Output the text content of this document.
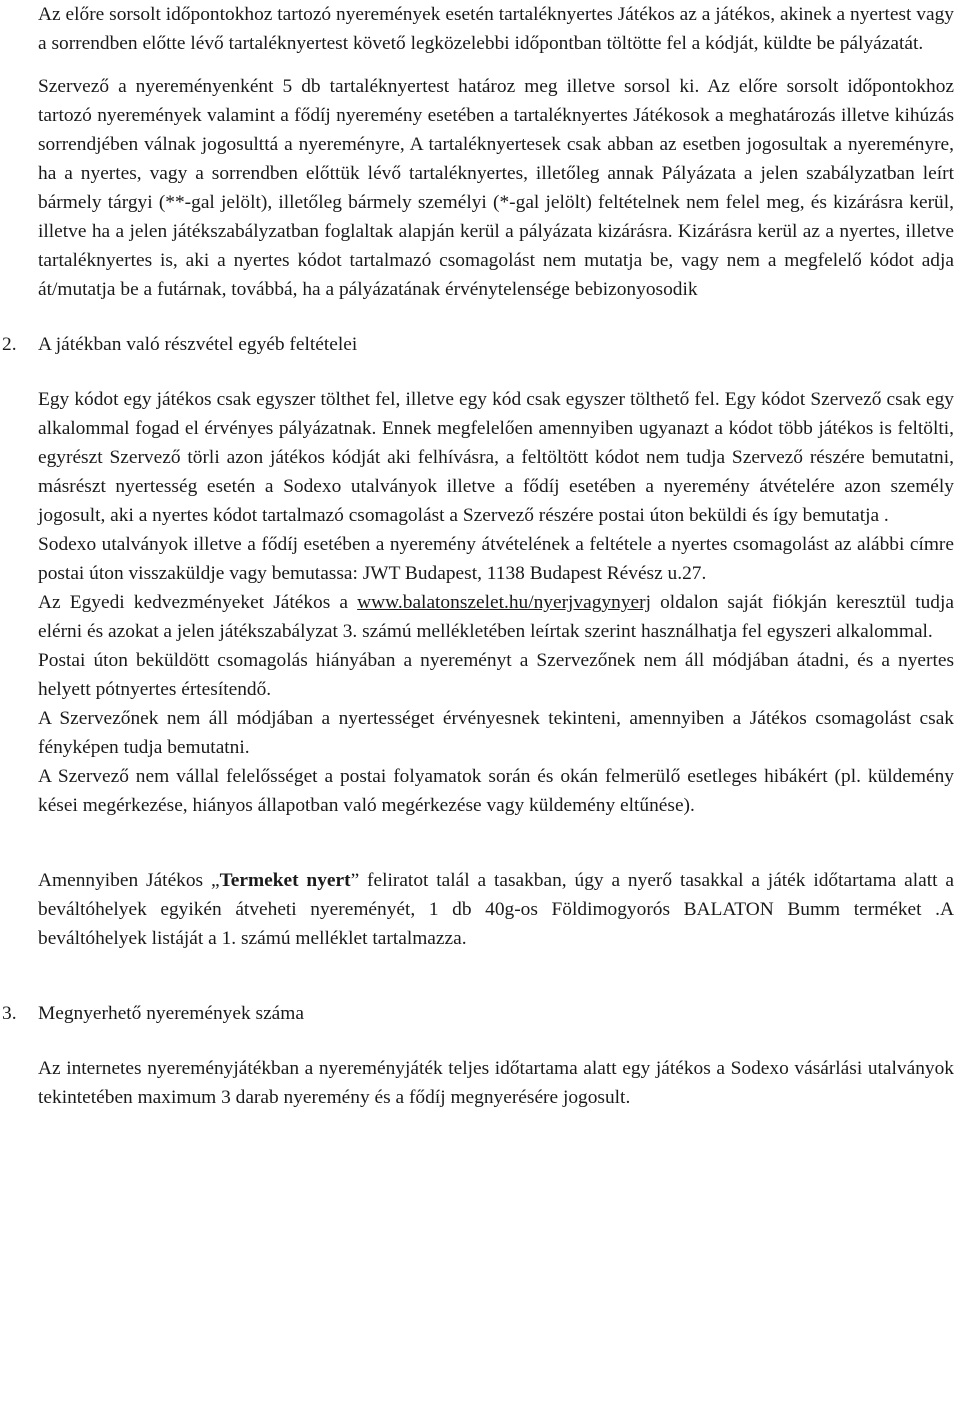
Az előre sorsolt időpontokhoz tartozó nyeremények esetén tartaléknyertes Játékos az a játékos, akinek a nyertest vagy a sorrendben előtte lévő tartaléknyertest követő legközelebbi időpontban töltötte fel a kódját, küldte be pályázatát.

Szervező a nyereményenként 5 db tartaléknyertest határoz meg illetve sorsol ki. Az előre sorsolt időpontokhoz tartozó nyeremények valamint a fődíj nyeremény esetében a tartaléknyertes Játékosok a meghatározás illetve kihúzás sorrendjében válnak jogosulttá a nyereményre, A tartaléknyertesek csak abban az esetben jogosultak a nyereményre, ha a nyertes, vagy a sorrendben előttük lévő tartaléknyertes, illetőleg annak Pályázata a jelen szabályzatban leírt bármely tárgyi (**-gal jelölt), illetőleg bármely személyi (*-gal jelölt) feltételnek nem felel meg, és kizárásra kerül, illetve ha a jelen játékszabályzatban foglaltak alapján kerül a pályázata kizárásra. Kizárásra kerül az a nyertes, illetve tartaléknyertes is, aki a nyertes kódot tartalmazó csomagolást nem mutatja be, vagy nem a megfelelő kódot adja át/mutatja be a futárnak, továbbá, ha a pályázatának érvénytelensége bebizonyosodik

2. A játékban való részvétel egyéb feltételei

Egy kódot egy játékos csak egyszer tölthet fel, illetve egy kód csak egyszer tölthető fel. Egy kódot Szervező csak egy alkalommal fogad el érvényes pályázatnak. Ennek megfelelően amennyiben ugyanazt a kódot több játékos is feltölti, egyrészt Szervező törli azon játékos kódját aki felhívásra, a feltöltött kódot nem tudja Szervező részére bemutatni, másrészt nyertesség esetén a Sodexo utalványok illetve a fődíj esetében a nyeremény átvételére azon személy jogosult, aki a nyertes kódot tartalmazó csomagolást a Szervező részére postai úton beküldi és így bemutatja .

Sodexo utalványok illetve a fődíj esetében a nyeremény átvételének a feltétele a nyertes csomagolást az alábbi címre postai úton visszaküldje vagy bemutassa: JWT Budapest, 1138 Budapest Révész u.27.

Az Egyedi kedvezményeket Játékos a www.balatonszelet.hu/nyerjvagynyerj oldalon saját fiókján keresztül tudja elérni és azokat a jelen játékszabályzat 3. számú mellékletében leírtak szerint használhatja fel egyszeri alkalommal.

Postai úton beküldött csomagolás hiányában a nyereményt a Szervezőnek nem áll módjában átadni, és a nyertes helyett pótnyertes értesítendő.

A Szervezőnek nem áll módjában a nyertességet érvényesnek tekinteni, amennyiben a Játékos csomagolást csak fényképen tudja bemutatni.

A Szervező nem vállal felelősséget a postai folyamatok során és okán felmerülő esetleges hibákért (pl. küldemény kései megérkezése, hiányos állapotban való megérkezése vagy küldemény eltűnése).

Amennyiben Játékos „Termeket nyert” feliratot talál a tasakban, úgy a nyerő tasakkal a játék időtartama alatt a beváltóhelyek egyikén átveheti nyereményét, 1 db 40g-os Földimogyorós BALATON Bumm terméket .A beváltóhelyek listáját a 1. számú melléklet tartalmazza.

3. Megnyerhető nyeremények száma

Az internetes nyereményjátékban a nyereményjáték teljes időtartama alatt egy játékos a Sodexo vásárlási utalványok tekintetében maximum 3 darab nyeremény és a fődíj megnyerésére jogosult.
